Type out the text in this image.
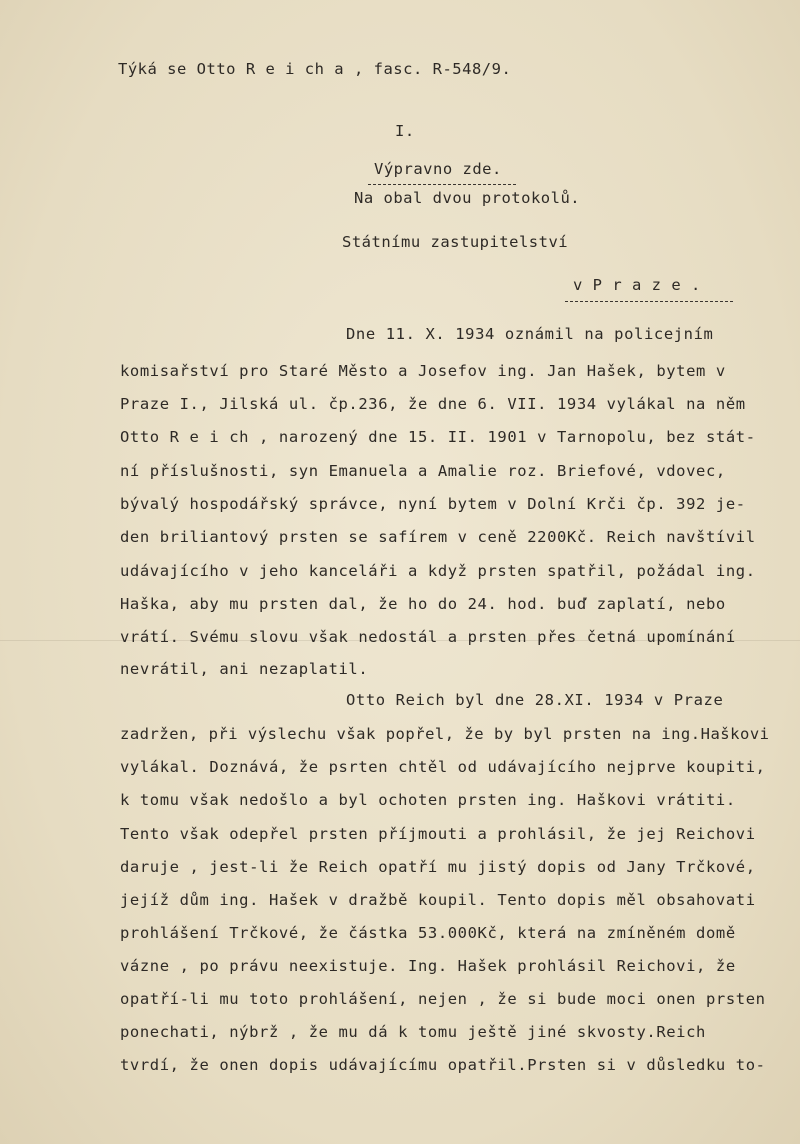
Týká se Otto R e i ch a , fasc. R-548/9.
I.
Výpravno zde.
Na obal dvou protokolů.
Státnímu zastupitelství
v P r a z e .
Dne 11. X. 1934 oznámil na policejním
komisařství pro Staré Město a Josefov ing. Jan Hašek, bytem v
Praze I., Jilská ul. čp.236, že dne 6. VII. 1934 vylákal na něm
Otto R e i ch , narozený dne 15. II. 1901 v Tarnopolu, bez stát-
ní příslušnosti, syn Emanuela a Amalie roz. Briefové, vdovec,
bývalý hospodářský správce, nyní bytem v Dolní Krči čp. 392 je-
den briliantový prsten se safírem v ceně 2200Kč. Reich navštívil
udávajícího v jeho kanceláři a když prsten spatřil, požádal ing.
Haška, aby mu prsten dal, že ho do 24. hod. buď zaplatí, nebo
vrátí. Svému slovu však nedostál a prsten přes četná upomínání
nevrátil, ani nezaplatil.
Otto Reich byl dne 28.XI. 1934 v Praze
zadržen, při výslechu však popřel, že by byl prsten na ing.Haškovi
vylákal. Doznává, že psrten chtěl od udávajícího nejprve koupiti,
k tomu však nedošlo a byl ochoten prsten ing. Haškovi vrátiti.
Tento však odepřel prsten příjmouti a prohlásil, že jej Reichovi
daruje , jest-li že Reich opatří mu jistý dopis od Jany Trčkové,
jejíž dům ing. Hašek v dražbě koupil. Tento dopis měl obsahovati
prohlášení Trčkové, že částka 53.000Kč, která na zmíněném domě
vázne , po právu neexistuje. Ing. Hašek prohlásil Reichovi, že
opatří-li mu toto prohlášení, nejen , že si bude moci onen prsten
ponechati, nýbrž , že mu dá k tomu ještě jiné skvosty.Reich
tvrdí, že onen dopis udávajícímu opatřil.Prsten si v důsledku to-
